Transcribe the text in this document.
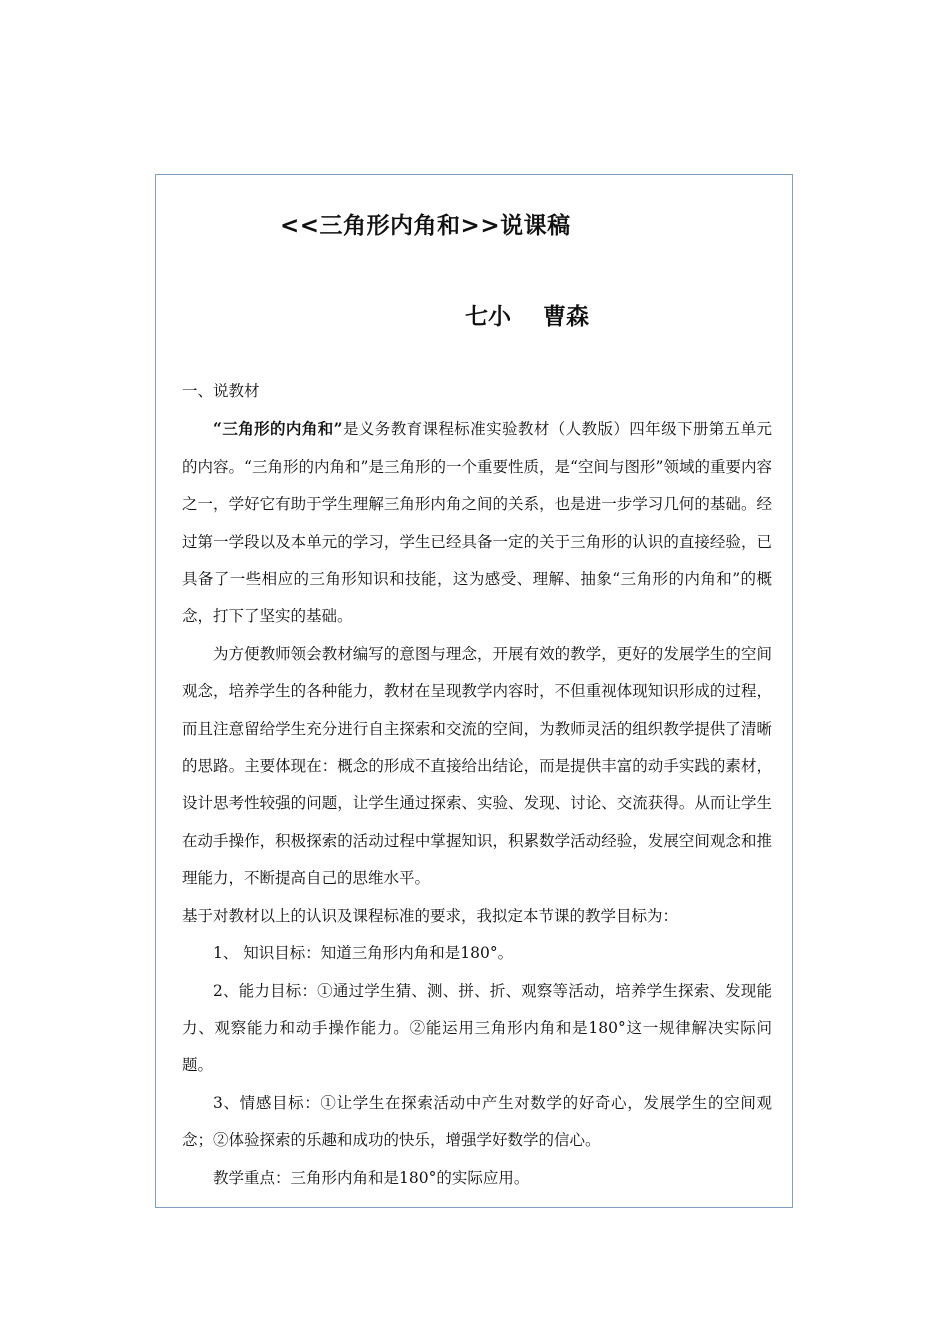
<<三角形内角和>>说课稿

七小    曹森

一、说教材

“三角形的内角和”是义务教育课程标准实验教材（人教版）四年级下册第五单元的内容。“三角形的内角和”是三角形的一个重要性质，是“空间与图形”领域的重要内容之一，学好它有助于学生理解三角形内角之间的关系，也是进一步学习几何的基础。经过第一学段以及本单元的学习，学生已经具备一定的关于三角形的认识的直接经验，已具备了一些相应的三角形知识和技能，这为感受、理解、抽象“三角形的内角和”的概念，打下了坚实的基础。

为方便教师领会教材编写的意图与理念，开展有效的教学，更好的发展学生的空间观念，培养学生的各种能力，教材在呈现教学内容时，不但重视体现知识形成的过程，而且注意留给学生充分进行自主探索和交流的空间，为教师灵活的组织教学提供了清晰的思路。主要体现在：概念的形成不直接给出结论，而是提供丰富的动手实践的素材，设计思考性较强的问题，让学生通过探索、实验、发现、讨论、交流获得。从而让学生在动手操作，积极探索的活动过程中掌握知识，积累数学活动经验，发展空间观念和推理能力，不断提高自己的思维水平。

基于对教材以上的认识及课程标准的要求，我拟定本节课的教学目标为：

1、 知识目标：知道三角形内角和是180°。

2、能力目标：①通过学生猜、测、拼、折、观察等活动，培养学生探索、发现能力、观察能力和动手操作能力。②能运用三角形内角和是180°这一规律解决实际问题。

3、情感目标：①让学生在探索活动中产生对数学的好奇心，发展学生的空间观念；②体验探索的乐趣和成功的快乐，增强学好数学的信心。

教学重点：三角形内角和是180°的实际应用。
